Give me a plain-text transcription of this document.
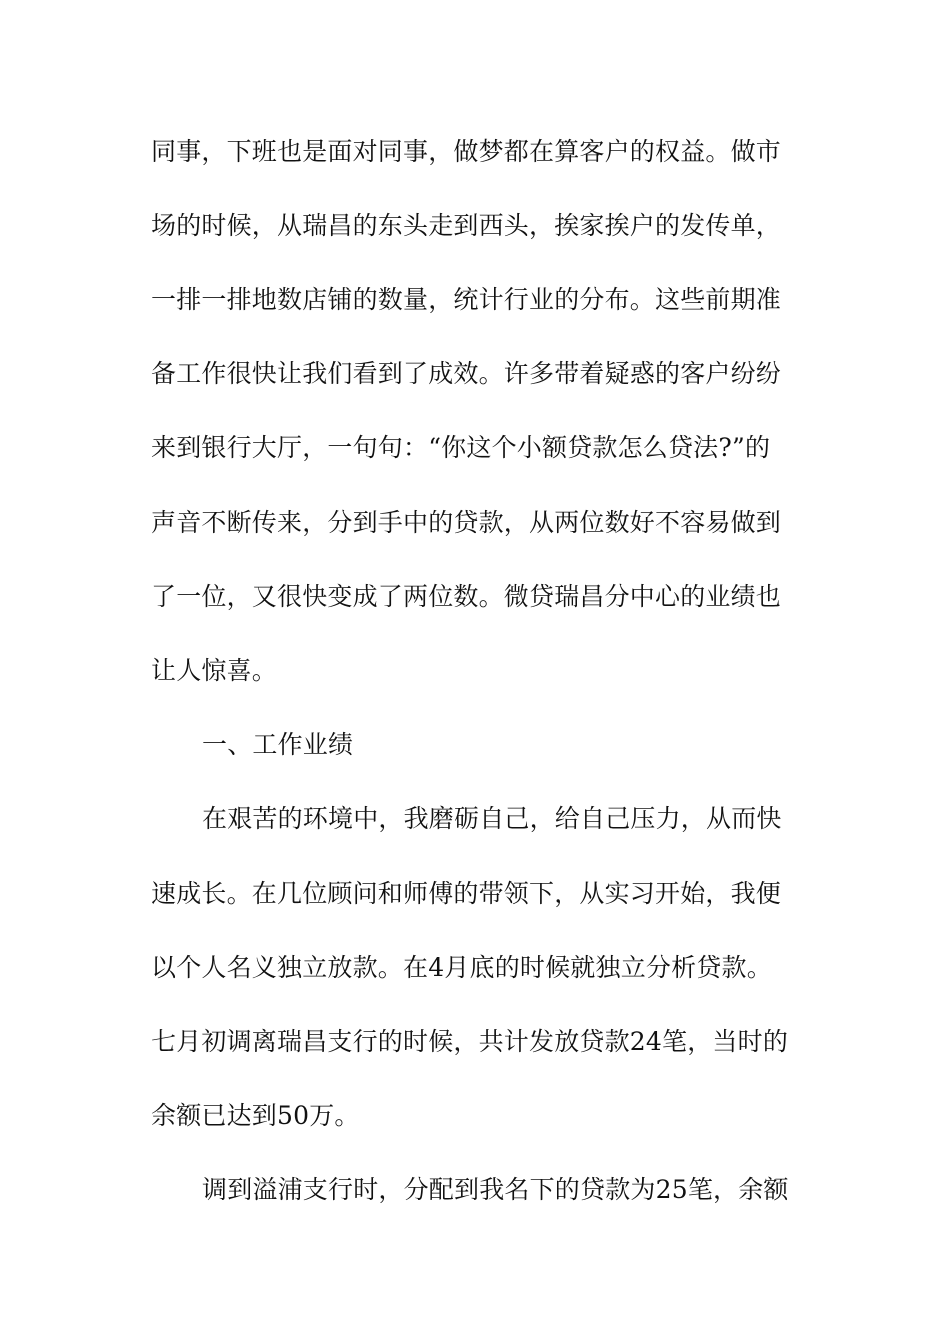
同事，下班也是面对同事，做梦都在算客户的权益。做市
场的时候，从瑞昌的东头走到西头，挨家挨户的发传单，
一排一排地数店铺的数量，统计行业的分布。这些前期准
备工作很快让我们看到了成效。许多带着疑惑的客户纷纷
来到银行大厅，一句句：“你这个小额贷款怎么贷法?”的
声音不断传来，分到手中的贷款，从两位数好不容易做到
了一位，又很快变成了两位数。微贷瑞昌分中心的业绩也
让人惊喜。
一、工作业绩
在艰苦的环境中，我磨砺自己，给自己压力，从而快
速成长。在几位顾问和师傅的带领下，从实习开始，我便
以个人名义独立放款。在4月底的时候就独立分析贷款。
七月初调离瑞昌支行的时候，共计发放贷款24笔，当时的
余额已达到50万。
调到溢浦支行时，分配到我名下的贷款为25笔，余额
